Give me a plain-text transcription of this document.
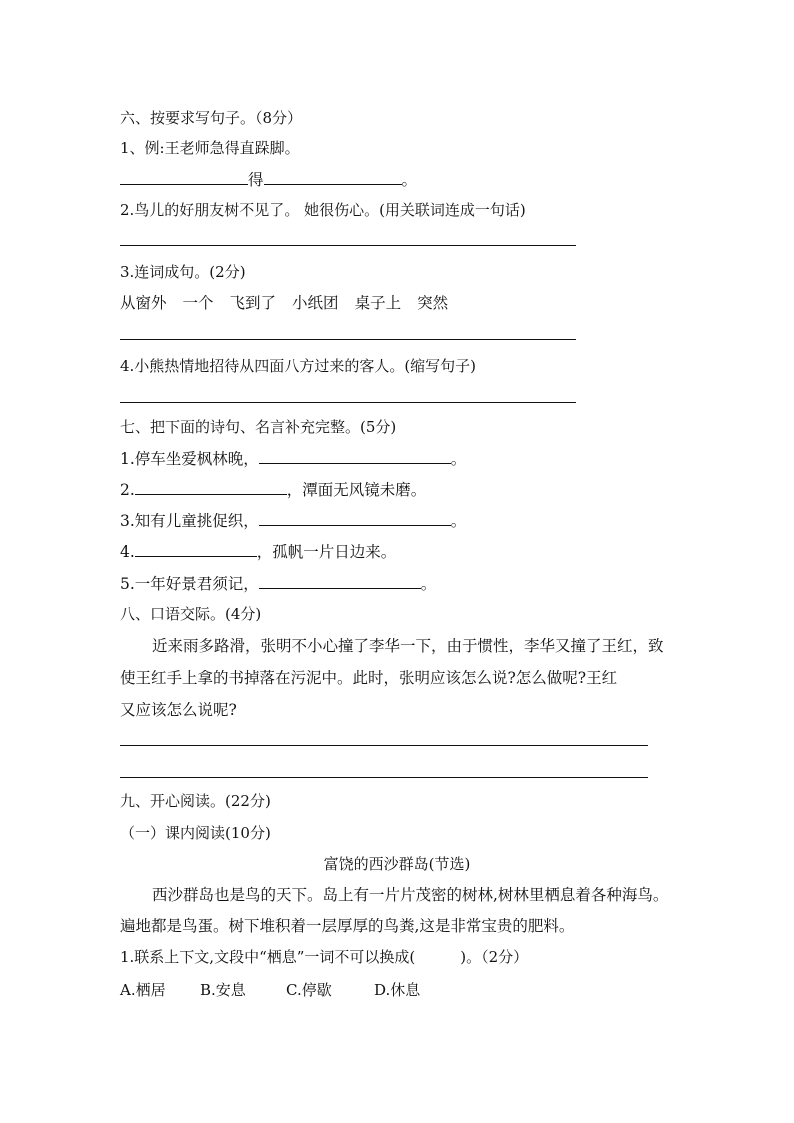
六、按要求写句子。（8分）
1、例:王老师急得直跺脚。
得	。
2.鸟儿的好朋友树不见了。 她很伤心。(用关联词连成一句话)
3.连词成句。(2分)
从窗外 一个 飞到了 小纸团 桌子上 突然
4.小熊热情地招待从四面八方过来的客人。(缩写句子)
七、把下面的诗句、名言补充完整。(5分)
1.停车坐爱枫林晚，	。
2.	，潭面无风镜未磨。
3.知有儿童挑促织，	。
4.	，孤帆一片日边来。
5.一年好景君须记，	。
八、口语交际。(4分)
近来雨多路滑，张明不小心撞了李华一下，由于惯性，李华又撞了王红，致
使王红手上拿的书掉落在污泥中。此时，张明应该怎么说?怎么做呢?王红
又应该怎么说呢?
九、开心阅读。(22分)
（一）课内阅读(10分)
富饶的西沙群岛(节选)
西沙群岛也是鸟的天下。岛上有一片片茂密的树林,树林里栖息着各种海鸟。
遍地都是鸟蛋。树下堆积着一层厚厚的鸟粪,这是非常宝贵的肥料。
1.联系上下文,文段中“栖息”一词不可以换成(　　　)。（2分）
A.栖居 B.安息	C.停歇	D.休息
